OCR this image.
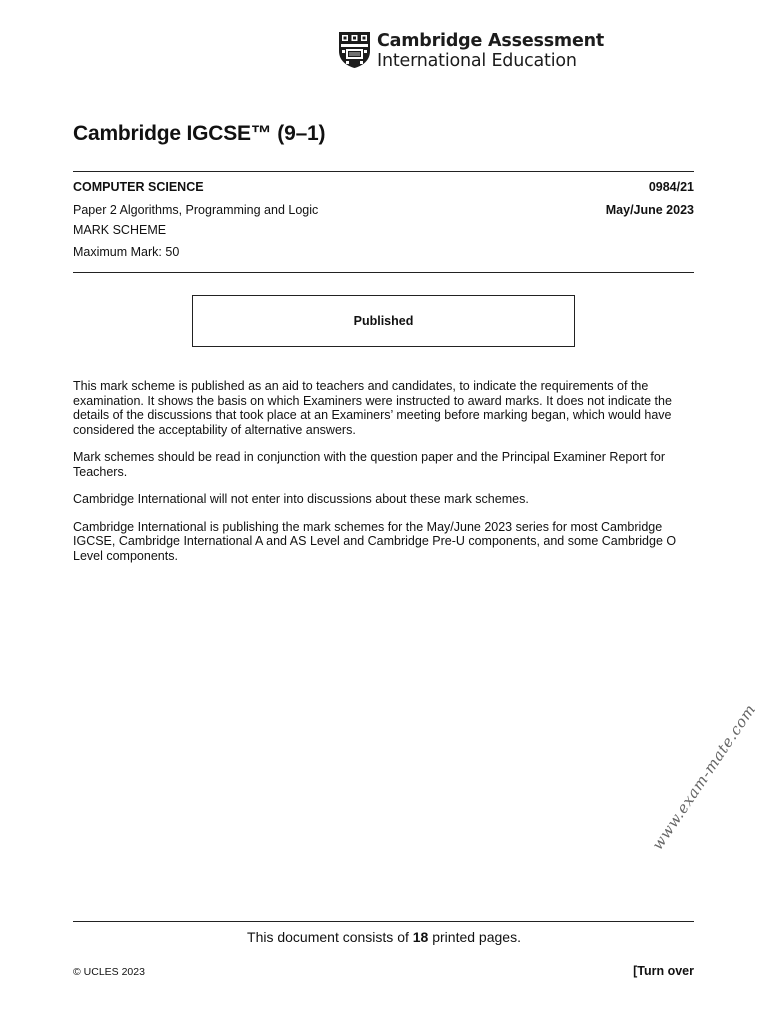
Cambridge Assessment
International Education
Cambridge IGCSE™ (9–1)
COMPUTER SCIENCE	0984/21
Paper 2 Algorithms, Programming and Logic	May/June 2023
MARK SCHEME
Maximum Mark: 50
Published

This mark scheme is published as an aid to teachers and candidates, to indicate the requirements of the examination. It shows the basis on which Examiners were instructed to award marks. It does not indicate the details of the discussions that took place at an Examiners’ meeting before marking began, which would have considered the acceptability of alternative answers.

Mark schemes should be read in conjunction with the question paper and the Principal Examiner Report for Teachers.

Cambridge International will not enter into discussions about these mark schemes.

Cambridge International is publishing the mark schemes for the May/June 2023 series for most Cambridge IGCSE, Cambridge International A and AS Level and Cambridge Pre-U components, and some Cambridge O Level components.

www.exam-mate.com
This document consists of 18 printed pages.
© UCLES 2023	[Turn over
